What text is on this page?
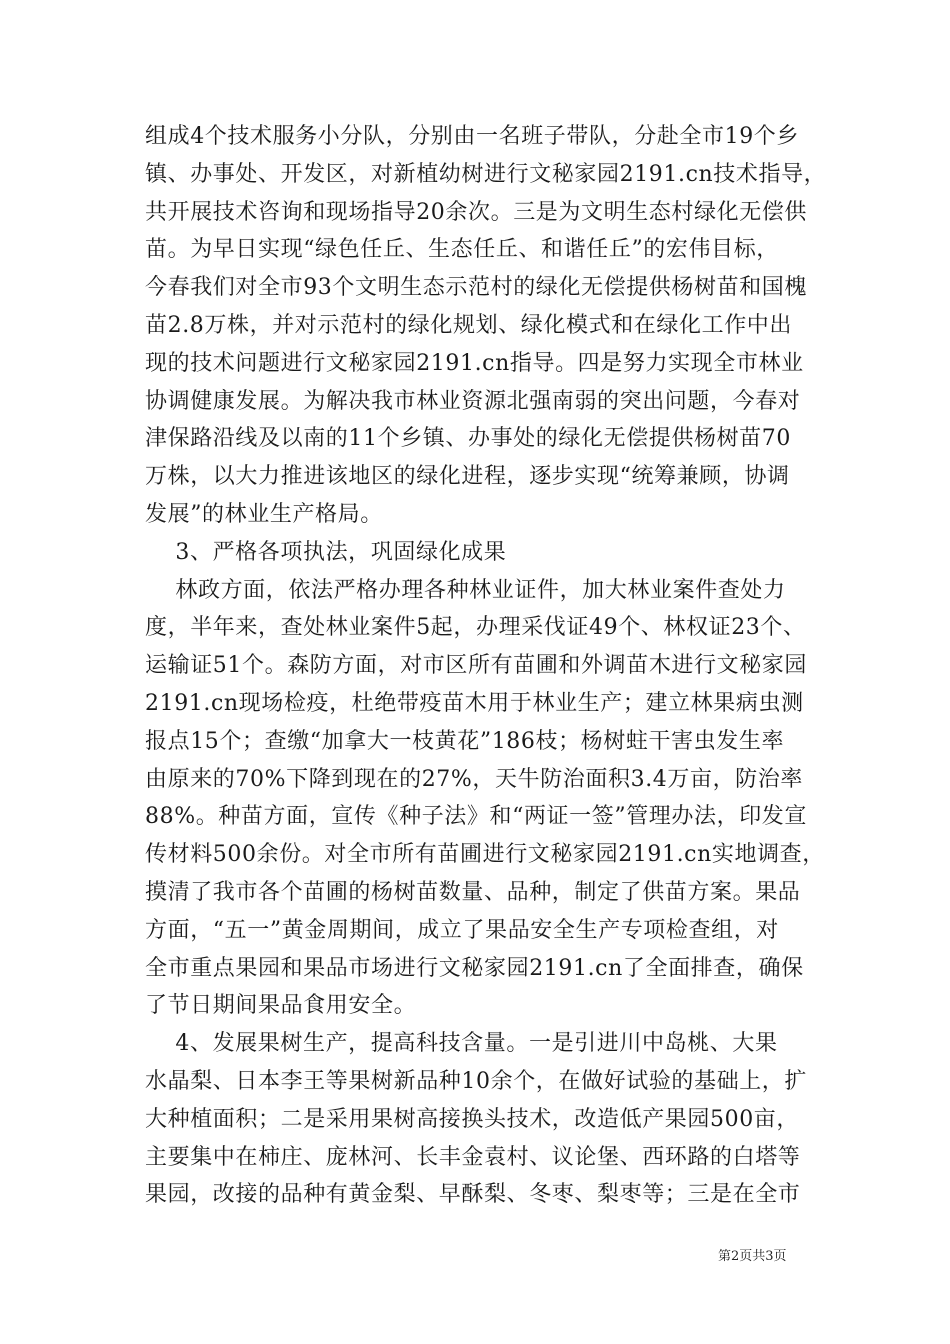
组成4个技术服务小分队，分别由一名班子带队，分赴全市19个乡
镇、办事处、开发区，对新植幼树进行文秘家园2191.cn技术指导，
共开展技术咨询和现场指导20余次。三是为文明生态村绿化无偿供
苗。为早日实现“绿色任丘、生态任丘、和谐任丘”的宏伟目标，
今春我们对全市93个文明生态示范村的绿化无偿提供杨树苗和国槐
苗2.8万株，并对示范村的绿化规划、绿化模式和在绿化工作中出
现的技术问题进行文秘家园2191.cn指导。四是努力实现全市林业
协调健康发展。为解决我市林业资源北强南弱的突出问题，今春对
津保路沿线及以南的11个乡镇、办事处的绿化无偿提供杨树苗70
万株，以大力推进该地区的绿化进程，逐步实现“统筹兼顾，协调
发展”的林业生产格局。
3、严格各项执法，巩固绿化成果
林政方面，依法严格办理各种林业证件，加大林业案件查处力
度，半年来，查处林业案件5起，办理采伐证49个、林权证23个、
运输证51个。森防方面，对市区所有苗圃和外调苗木进行文秘家园
2191.cn现场检疫，杜绝带疫苗木用于林业生产；建立林果病虫测
报点15个；查缴“加拿大一枝黄花”186枝；杨树蛀干害虫发生率
由原来的70%下降到现在的27%，天牛防治面积3.4万亩，防治率
88%。种苗方面，宣传《种子法》和“两证一签”管理办法，印发宣
传材料500余份。对全市所有苗圃进行文秘家园2191.cn实地调查，
摸清了我市各个苗圃的杨树苗数量、品种，制定了供苗方案。果品
方面，“五一”黄金周期间，成立了果品安全生产专项检查组，对
全市重点果园和果品市场进行文秘家园2191.cn了全面排查，确保
了节日期间果品食用安全。
4、发展果树生产，提高科技含量。一是引进川中岛桃、大果
水晶梨、日本李王等果树新品种10余个，在做好试验的基础上，扩
大种植面积；二是采用果树高接换头技术，改造低产果园500亩，
主要集中在柿庄、庞林河、长丰金袁村、议论堡、西环路的白塔等
果园，改接的品种有黄金梨、早酥梨、冬枣、梨枣等；三是在全市
第2页共3页
